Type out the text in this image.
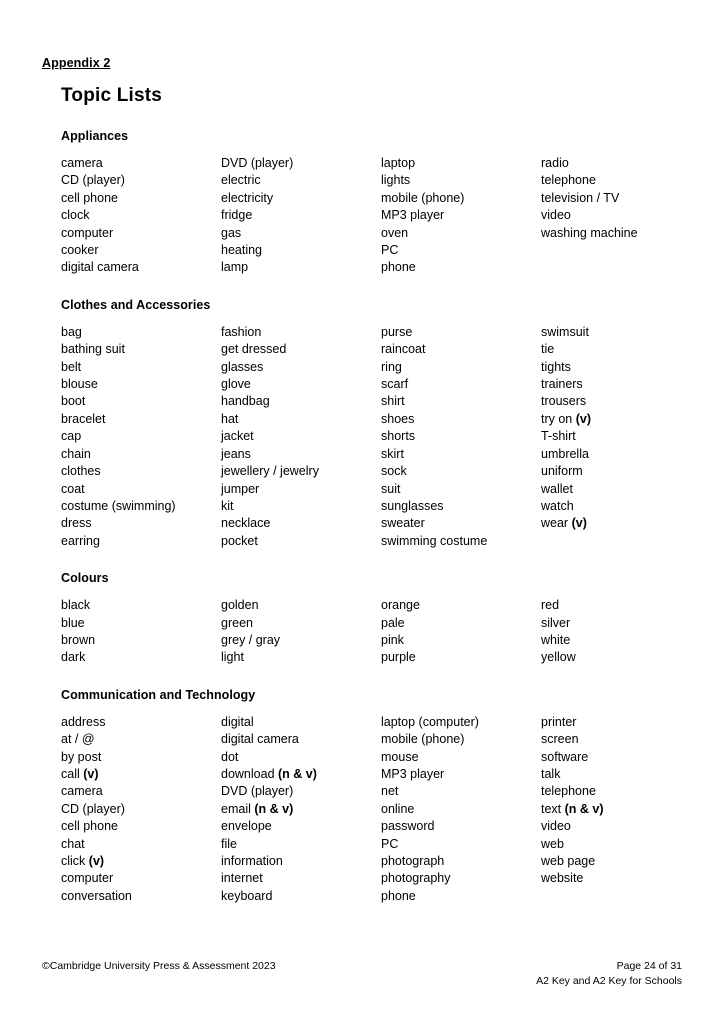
Appendix 2
Topic Lists
Appliances
camera
CD (player)
cell phone
clock
computer
cooker
digital camera
DVD (player)
electric
electricity
fridge
gas
heating
lamp
laptop
lights
mobile (phone)
MP3 player
oven
PC
phone
radio
telephone
television / TV
video
washing machine
Clothes and Accessories
bag
bathing suit
belt
blouse
boot
bracelet
cap
chain
clothes
coat
costume (swimming)
dress
earring
fashion
get dressed
glasses
glove
handbag
hat
jacket
jeans
jewellery / jewelry
jumper
kit
necklace
pocket
purse
raincoat
ring
scarf
shirt
shoes
shorts
skirt
sock
suit
sunglasses
sweater
swimming costume
swimsuit
tie
tights
trainers
trousers
try on (v)
T-shirt
umbrella
uniform
wallet
watch
wear (v)
Colours
black
blue
brown
dark
golden
green
grey / gray
light
orange
pale
pink
purple
red
silver
white
yellow
Communication and Technology
address
at / @
by post
call (v)
camera
CD (player)
cell phone
chat
click (v)
computer
conversation
digital
digital camera
dot
download (n & v)
DVD (player)
email (n & v)
envelope
file
information
internet
keyboard
laptop (computer)
mobile (phone)
mouse
MP3 player
net
online
password
PC
photograph
photography
phone
printer
screen
software
talk
telephone
text (n & v)
video
web
web page
website
©Cambridge University Press & Assessment 2023	Page 24 of 31
A2 Key and A2 Key for Schools
